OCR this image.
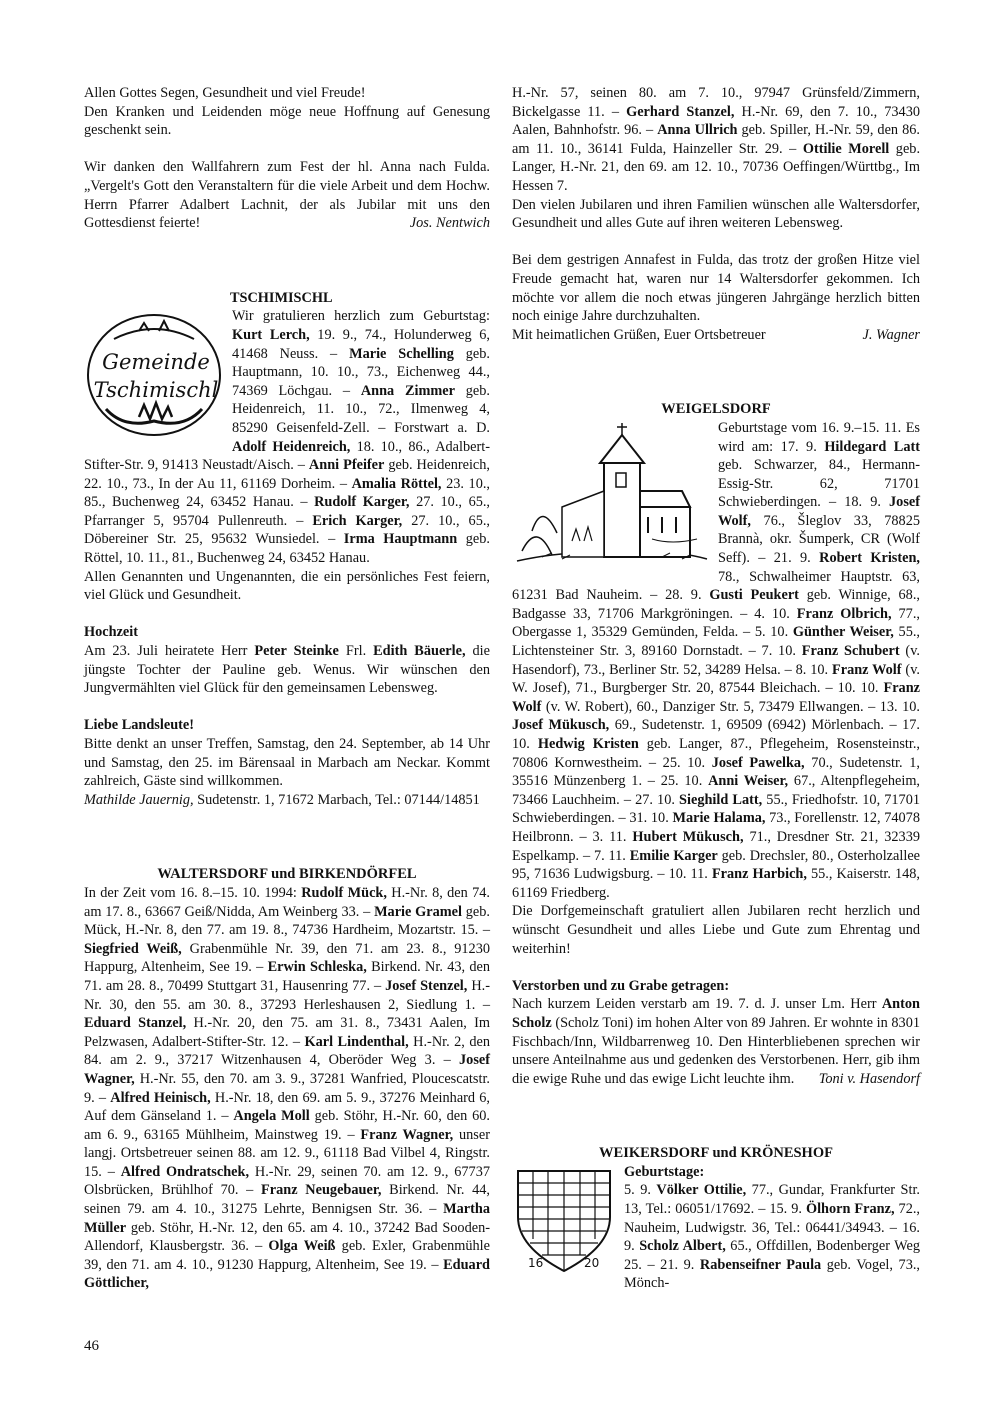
Allen Gottes Segen, Gesundheit und viel Freude!

Den Kranken und Leidenden möge neue Hoffnung auf Genesung geschenkt sein.

Wir danken den Wallfahrern zum Fest der hl. Anna nach Fulda. „Vergelt's Gott den Veranstaltern für die viele Arbeit und dem Hochw. Herrn Pfarrer Adalbert Lachnit, der als Jubilar mit uns den Gottesdienst feierte!	Jos. Nentwich

TSCHIMISCHL

Gemeinde
Tschimischl

Wir gratulieren herzlich zum Geburtstag: Kurt Lerch, 19. 9., 74., Holunderweg 6, 41468 Neuss. – Marie Schelling geb. Hauptmann, 10. 10., 73., Eichenweg 44., 74369 Löchgau. – Anna Zimmer geb. Heidenreich, 11. 10., 72., Ilmenweg 4, 85290 Geisenfeld-Zell. – Forstwart a. D. Adolf Heidenreich, 18. 10., 86., Adalbert-Stifter-Str. 9, 91413 Neustadt/Aisch. – Anni Pfeifer geb. Heidenreich, 22. 10., 73., In der Au 11, 61169 Dorheim. – Amalia Röttel, 23. 10., 85., Buchenweg 24, 63452 Hanau. – Rudolf Karger, 27. 10., 65., Pfarranger 5, 95704 Pullenreuth. – Erich Karger, 27. 10., 65., Döbereiner Str. 25, 95632 Wunsiedel. – Irma Hauptmann geb. Röttel, 10. 11., 81., Buchenweg 24, 63452 Hanau.

Allen Genannten und Ungenannten, die ein persönliches Fest feiern, viel Glück und Gesundheit.

Hochzeit

Am 23. Juli heiratete Herr Peter Steinke Frl. Edith Bäuerle, die jüngste Tochter der Pauline geb. Wenus. Wir wünschen den Jungvermählten viel Glück für den gemeinsamen Lebensweg.

Liebe Landsleute!

Bitte denkt an unser Treffen, Samstag, den 24. September, ab 14 Uhr und Samstag, den 25. im Bärensaal in Marbach am Neckar. Kommt zahlreich, Gäste sind willkommen.

Mathilde Jauernig, Sudetenstr. 1, 71672 Marbach, Tel.: 07144/14851

WALTERSDORF und BIRKENDÖRFEL

In der Zeit vom 16. 8.–15. 10. 1994: Rudolf Mück, H.-Nr. 8, den 74. am 17. 8., 63667 Geiß/Nidda, Am Weinberg 33. – Marie Gramel geb. Mück, H.-Nr. 8, den 77. am 19. 8., 74736 Hardheim, Mozartstr. 15. – Siegfried Weiß, Grabenmühle Nr. 39, den 71. am 23. 8., 91230 Happurg, Altenheim, See 19. – Erwin Schleska, Birkend. Nr. 43, den 71. am 28. 8., 70499 Stuttgart 31, Hausenring 77. – Josef Stenzel, H.-Nr. 30, den 55. am 30. 8., 37293 Herleshausen 2, Siedlung 1. – Eduard Stanzel, H.-Nr. 20, den 75. am 31. 8., 73431 Aalen, Im Pelzwasen, Adalbert-Stifter-Str. 12. – Karl Lindenthal, H.-Nr. 2, den 84. am 2. 9., 37217 Witzenhausen 4, Oberöder Weg 3. – Josef Wagner, H.-Nr. 55, den 70. am 3. 9., 37281 Wanfried, Ploucescatstr. 9. – Alfred Heinisch, H.-Nr. 18, den 69. am 5. 9., 37276 Meinhard 6, Auf dem Gänseland 1. – Angela Moll geb. Stöhr, H.-Nr. 60, den 60. am 6. 9., 63165 Mühlheim, Mainstweg 19. – Franz Wagner, unser langj. Ortsbetreuer seinen 88. am 12. 9., 61118 Bad Vilbel 4, Ringstr. 15. – Alfred Ondratschek, H.-Nr. 29, seinen 70. am 12. 9., 67737 Olsbrücken, Brühlhof 70. – Franz Neugebauer, Birkend. Nr. 44, seinen 79. am 4. 10., 31275 Lehrte, Bennigsen Str. 36. – Martha Müller geb. Stöhr, H.-Nr. 12, den 65. am 4. 10., 37242 Bad Sooden-Allendorf, Klausbergstr. 36. – Olga Weiß geb. Exler, Grabenmühle 39, den 71. am 4. 10., 91230 Happurg, Altenheim, See 19. – Eduard Göttlicher,

H.-Nr. 57, seinen 80. am 7. 10., 97947 Grünsfeld/Zimmern, Bickelgasse 11. – Gerhard Stanzel, H.-Nr. 69, den 7. 10., 73430 Aalen, Bahnhofstr. 96. – Anna Ullrich geb. Spiller, H.-Nr. 59, den 86. am 11. 10., 36141 Fulda, Hainzeller Str. 29. – Ottilie Morell geb. Langer, H.-Nr. 21, den 69. am 12. 10., 70736 Oeffingen/Württbg., Im Hessen 7.

Den vielen Jubilaren und ihren Familien wünschen alle Waltersdorfer, Gesundheit und alles Gute auf ihren weiteren Lebensweg.

Bei dem gestrigen Annafest in Fulda, das trotz der großen Hitze viel Freude gemacht hat, waren nur 14 Waltersdorfer gekommen. Ich möchte vor allem die noch etwas jüngeren Jahrgänge herzlich bitten noch einige Jahre durchzuhalten.

Mit heimatlichen Grüßen, Euer Ortsbetreuer	J. Wagner

WEIGELSDORF

Geburtstage vom 16. 9.–15. 11. Es wird am: 17. 9. Hildegard Latt geb. Schwarzer, 84., Hermann-Essig-Str. 62, 71701 Schwieberdingen. – 18. 9. Josef Wolf, 76., Šleglov 33, 78825 Brannà, okr. Šumperk, CR (Wolf Seff). – 21. 9. Robert Kristen, 78., Schwalheimer Hauptstr. 63, 61231 Bad Nauheim. – 28. 9. Gusti Peukert geb. Winnige, 68., Badgasse 33, 71706 Markgröningen. – 4. 10. Franz Olbrich, 77., Obergasse 1, 35329 Gemünden, Felda. – 5. 10. Günther Weiser, 55., Lichtensteiner Str. 3, 89160 Dornstadt. – 7. 10. Franz Schubert (v. Hasendorf), 73., Berliner Str. 52, 34289 Helsa. – 8. 10. Franz Wolf (v. W. Josef), 71., Burgberger Str. 20, 87544 Bleichach. – 10. 10. Franz Wolf (v. W. Robert), 60., Danziger Str. 5, 73479 Ellwangen. – 13. 10. Josef Mükusch, 69., Sudetenstr. 1, 69509 (6942) Mörlenbach. – 17. 10. Hedwig Kristen geb. Langer, 87., Pflegeheim, Rosensteinstr., 70806 Kornwestheim. – 25. 10. Josef Pawelka, 70., Sudetenstr. 1, 35516 Münzenberg 1. – 25. 10. Anni Weiser, 67., Altenpflegeheim, 73466 Lauchheim. – 27. 10. Sieghild Latt, 55., Friedhofstr. 10, 71701 Schwieberdingen. – 31. 10. Marie Halama, 73., Forellenstr. 12, 74078 Heilbronn. – 3. 11. Hubert Mükusch, 71., Dresdner Str. 21, 32339 Espelkamp. – 7. 11. Emilie Karger geb. Drechsler, 80., Osterholzallee 95, 71636 Ludwigsburg. – 10. 11. Franz Harbich, 55., Kaiserstr. 148, 61169 Friedberg.

Die Dorfgemeinschaft gratuliert allen Jubilaren recht herzlich und wünscht Gesundheit und alles Liebe und Gute zum Ehrentag und weiterhin!

Verstorben und zu Grabe getragen:

Nach kurzem Leiden verstarb am 19. 7. d. J. unser Lm. Herr Anton Scholz (Scholz Toni) im hohen Alter von 89 Jahren. Er wohnte in 8301 Fischbach/Inn, Wildbarrenweg 10. Den Hinterbliebenen sprechen wir unsere Anteilnahme aus und gedenken des Verstorbenen. Herr, gib ihm die ewige Ruhe und das ewige Licht leuchte ihm. Toni v. Hasendorf

WEIKERSDORF und KRÖNESHOF

16	20

Geburtstage:

5. 9. Völker Ottilie, 77., Gundar, Frankfurter Str. 13, Tel.: 06051/17692. – 15. 9. Ölhorn Franz, 72., Nauheim, Ludwigstr. 36, Tel.: 06441/34943. – 16. 9. Scholz Albert, 65., Offdillen, Bodenberger Weg 25. – 21. 9. Rabenseifner Paula geb. Vogel, 73., Mönch-

46
